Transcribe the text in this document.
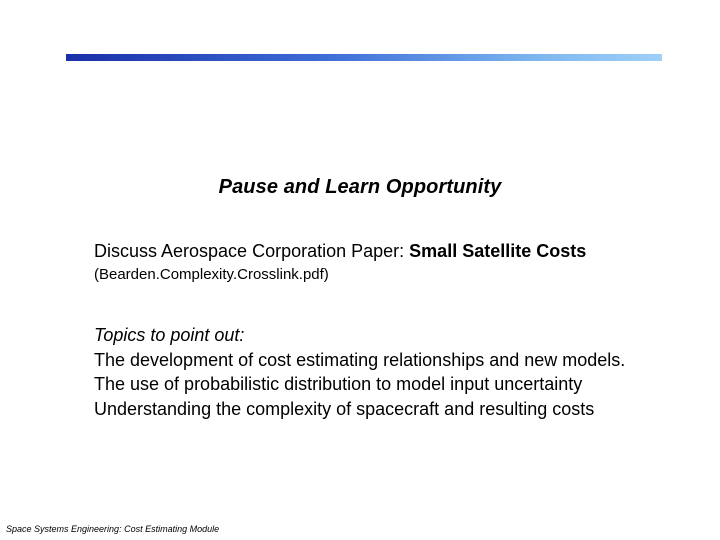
Pause and Learn Opportunity
Discuss Aerospace Corporation Paper: Small Satellite Costs
(Bearden.Complexity.Crosslink.pdf)
Topics to point out:
The development of cost estimating relationships and new models.
The use of probabilistic distribution to model input uncertainty
Understanding the complexity of spacecraft and resulting costs
Space Systems Engineering: Cost Estimating Module
